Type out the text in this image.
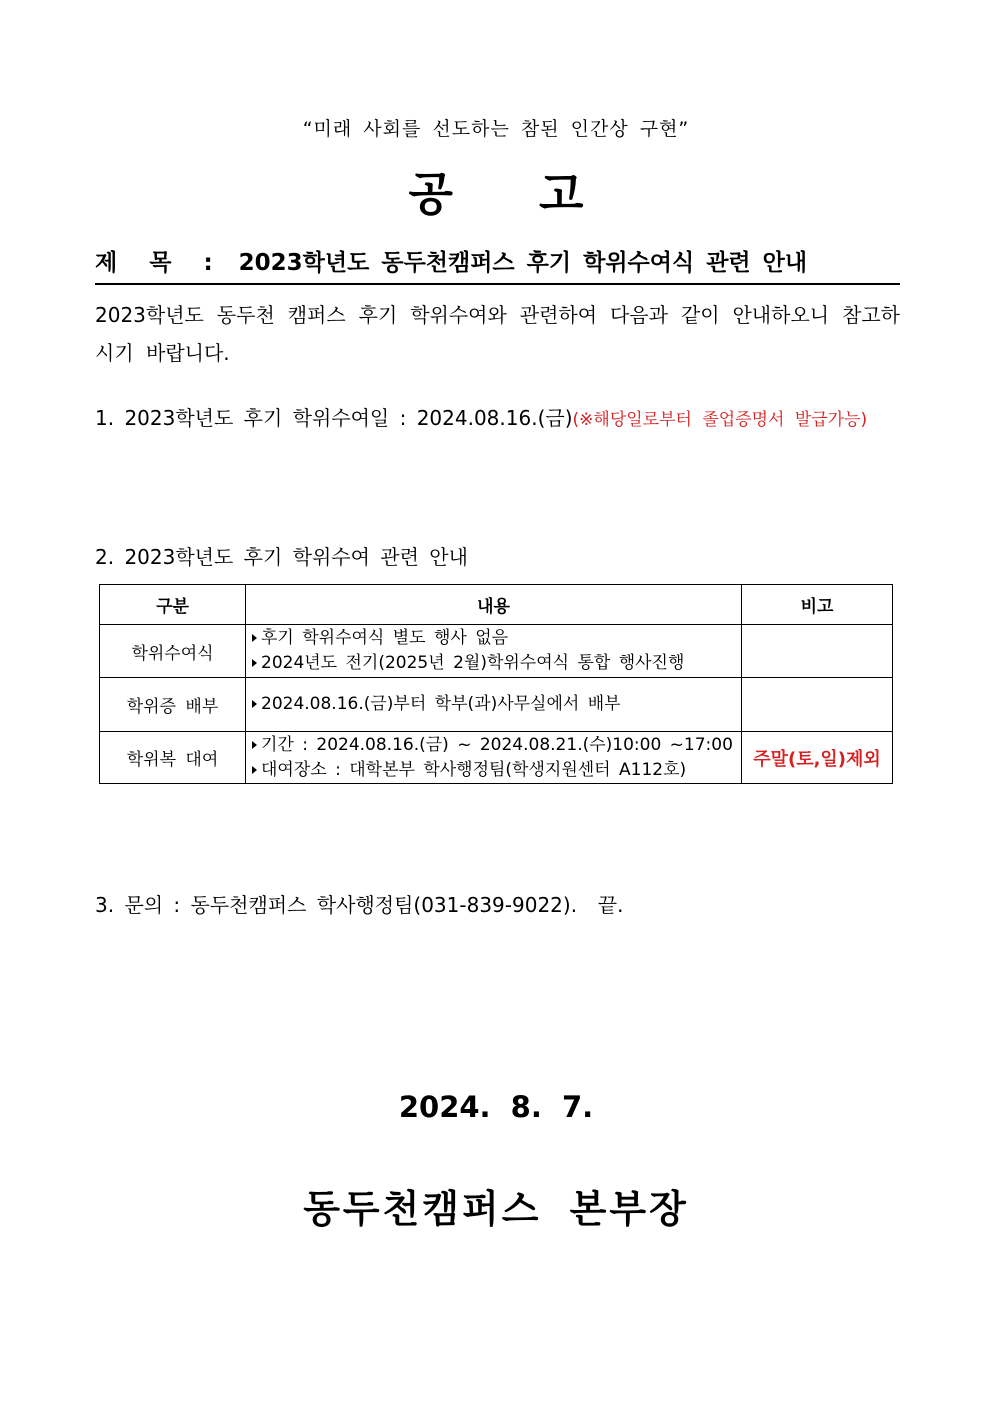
“미래 사회를 선도하는 참된 인간상 구현”
공 고
제 목 : 2023학년도 동두천캠퍼스 후기 학위수여식 관련 안내
2023학년도 동두천 캠퍼스 후기 학위수여와 관련하여 다음과 같이 안내하오니 참고하시기 바랍니다.
1. 2023학년도 후기 학위수여일 : 2024.08.16.(금)(※해당일로부터 졸업증명서 발급가능)
2. 2023학년도 후기 학위수여 관련 안내
구분	내용	비고
학위수여식	후기 학위수여식 별도 행사 없음
2024년도 전기(2025년 2월)학위수여식 통합 행사진행	

학위증 배부	2024.08.16.(금)부터 학부(과)사무실에서 배부	

학위복 대여	기간 : 2024.08.16.(금) ~ 2024.08.21.(수)10:00 ~17:00
대여장소 : 대학본부 학사행정팀(학생지원센터 A112호)	주말(토,일)제외
3. 문의 : 동두천캠퍼스 학사행정팀(031-839-9022). 끝.
2024. 8. 7.
동두천캠퍼스 본부장
